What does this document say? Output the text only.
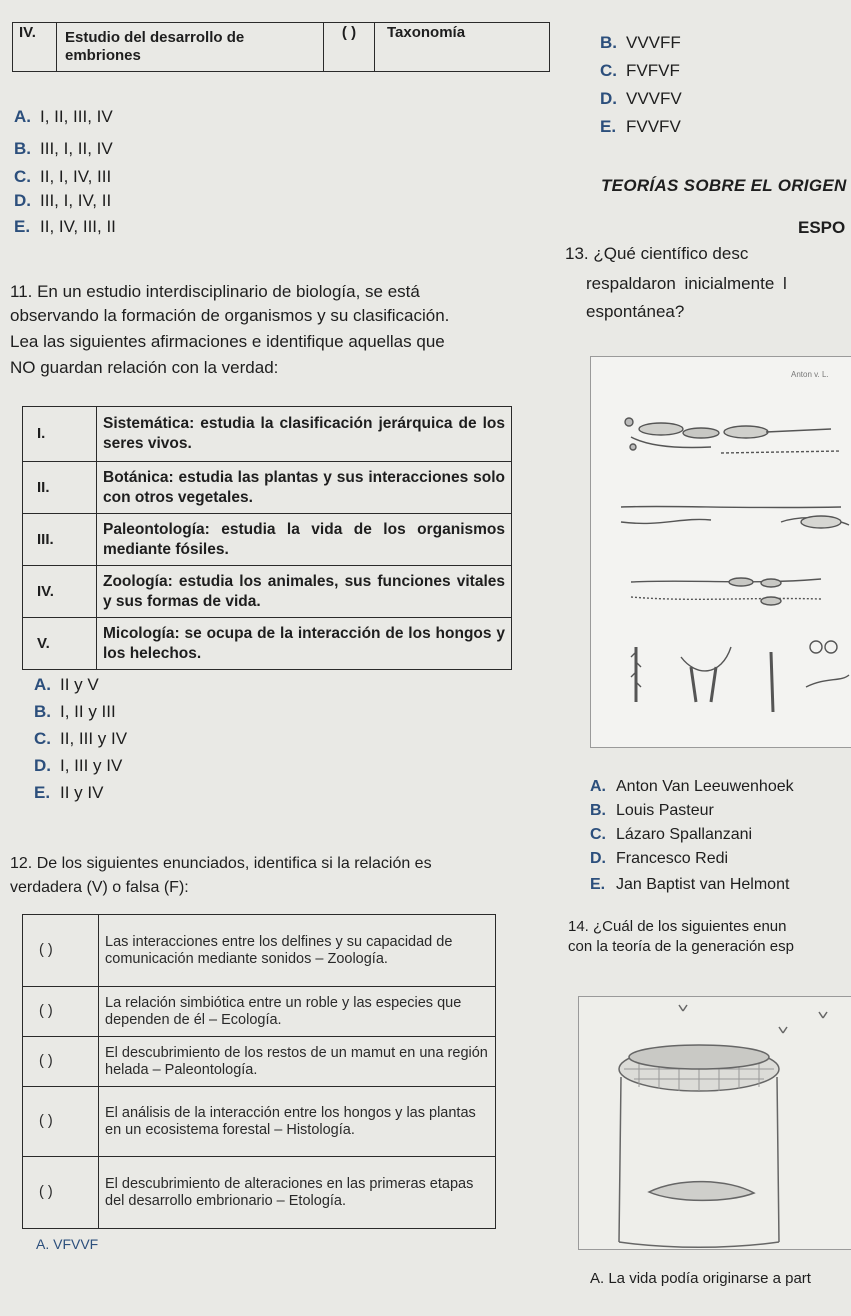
IV.	Estudio del desarrollo de embriones	( )	Taxonomía
A. I, II, III, IV
B. III, I, II, IV
C. II, I, IV, III
D. III, I, IV, II
E. II, IV, III, II
B. VVVFF
C. FVFVF
D. VVVFV
E. FVVFV
TEORÍAS SOBRE EL ORIGEN
ESPO
13. ¿Qué científico desc
respaldaron inicialmente l
espontánea?
11. En un estudio interdisciplinario de biología, se está
observando la formación de organismos y su clasificación.
Lea las siguientes afirmaciones e identifique aquellas que
NO guardan relación con la verdad:
I.	Sistemática: estudia la clasificación jerárquica de los seres vivos.
II.	Botánica: estudia las plantas y sus interacciones solo con otros vegetales.
III.	Paleontología: estudia la vida de los organismos mediante fósiles.
IV.	Zoología: estudia los animales, sus funciones vitales y sus formas de vida.
V.	Micología: se ocupa de la interacción de los hongos y los helechos.
A. II y V
B. I, II y III
C. II, III y IV
D. I, III y IV
E. II y IV
12. De los siguientes enunciados, identifica si la relación es
verdadera (V) o falsa (F):
( )	Las interacciones entre los delfines y su capacidad de comunicación mediante sonidos – Zoología.
( )	La relación simbiótica entre un roble y las especies que dependen de él – Ecología.
( )	El descubrimiento de los restos de un mamut en una región helada – Paleontología.
( )	El análisis de la interacción entre los hongos y las plantas en un ecosistema forestal – Histología.
( )	El descubrimiento de alteraciones en las primeras etapas del desarrollo embrionario – Etología.
A. VFVVF
Anton v. L.
A. Anton Van Leeuwenhoek
B. Louis Pasteur
C. Lázaro Spallanzani
D. Francesco Redi
E. Jan Baptist van Helmont
14. ¿Cuál de los siguientes enun
con la teoría de la generación esp
A. La vida podía originarse a part
